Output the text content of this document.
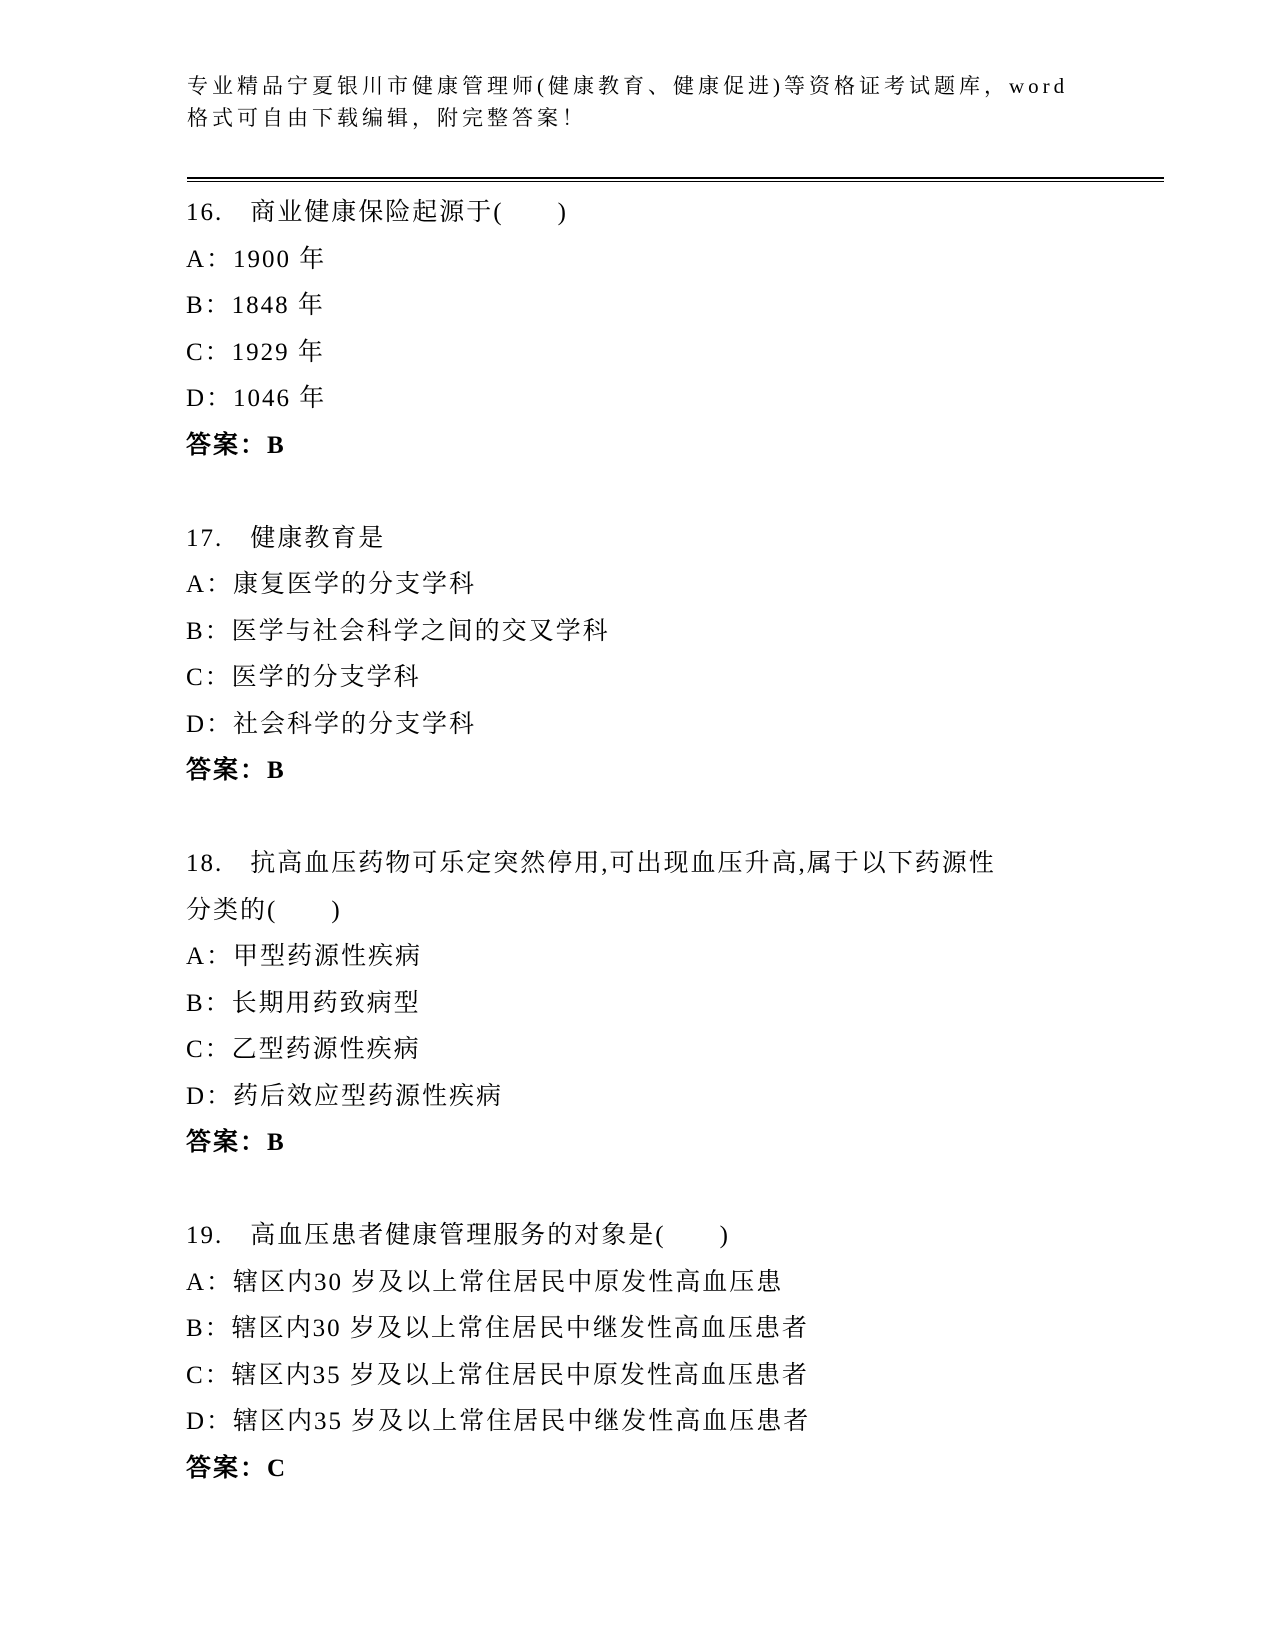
专业精品宁夏银川市健康管理师(健康教育、健康促进)等资格证考试题库，word
格式可自由下载编辑，附完整答案！
16.　商业健康保险起源于(　　)
A：1900 年
B：1848 年
C：1929 年
D：1046 年
答案：B
17.　健康教育是
A：康复医学的分支学科
B：医学与社会科学之间的交叉学科
C：医学的分支学科
D：社会科学的分支学科
答案：B
18.　抗高血压药物可乐定突然停用,可出现血压升高,属于以下药源性
分类的(　　)
A：甲型药源性疾病
B：长期用药致病型
C：乙型药源性疾病
D：药后效应型药源性疾病
答案：B
19.　高血压患者健康管理服务的对象是(　　)
A：辖区内30 岁及以上常住居民中原发性高血压患
B：辖区内30 岁及以上常住居民中继发性高血压患者
C：辖区内35 岁及以上常住居民中原发性高血压患者
D：辖区内35 岁及以上常住居民中继发性高血压患者
答案：C
